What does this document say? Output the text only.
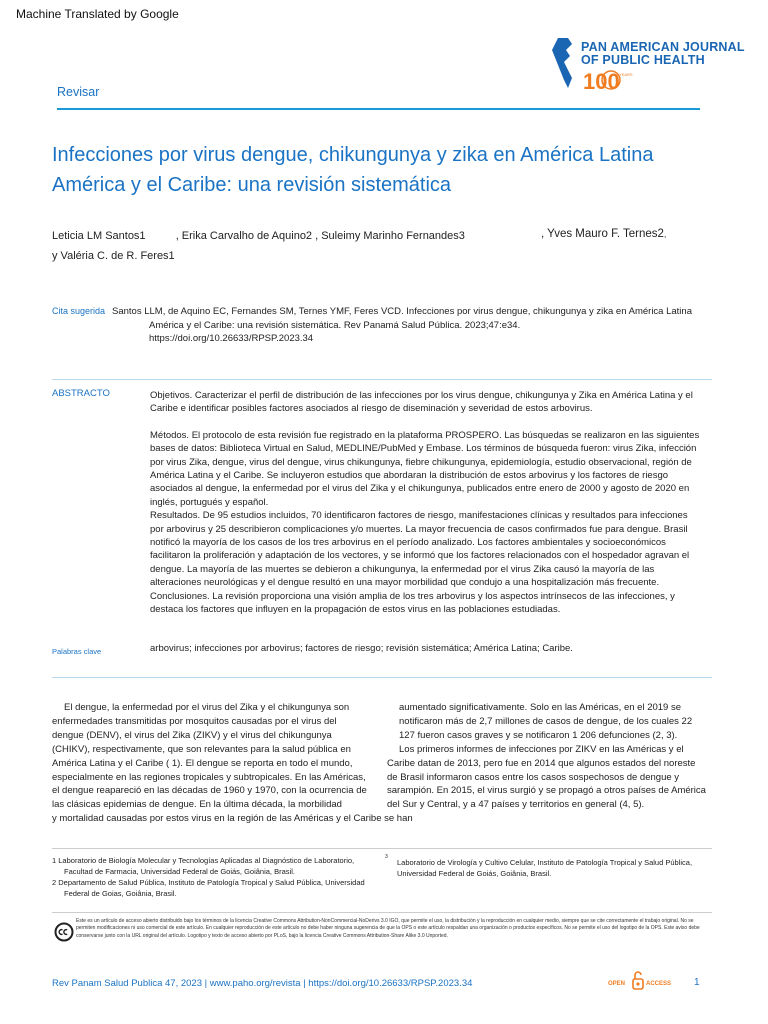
Machine Translated by Google
100 YEARS
PAN AMERICAN JOURNAL
OF PUBLIC HEALTH
Revisar
Infecciones por virus dengue, chikungunya y zika en América Latina América y el Caribe: una revisión sistemática
Leticia LM Santos1	, Erika Carvalho de Aquino2 , Suleimy Marinho Fernandes3	, Yves Mauro F. Ternes2,
y Valéria C. de R. Feres1
Cita sugerida Santos LLM, de Aquino EC, Fernandes SM, Ternes YMF, Feres VCD. Infecciones por virus dengue, chikungunya y zika en América Latina
América y el Caribe: una revisión sistemática. Rev Panamá Salud Pública. 2023;47:e34.
https://doi.org/10.26633/RPSP.2023.34
ABSTRACTO	Objetivos. Caracterizar el perfil de distribución de las infecciones por los virus dengue, chikungunya y Zika en América Latina y el Caribe e identificar posibles factores asociados al riesgo de diseminación y severidad de estos arbovirus.

Métodos. El protocolo de esta revisión fue registrado en la plataforma PROSPERO. Las búsquedas se realizaron en las siguientes bases de datos: Biblioteca Virtual en Salud, MEDLINE/PubMed y Embase. Los términos de búsqueda fueron: virus Zika, infección por virus Zika, dengue, virus del dengue, virus chikungunya, fiebre chikungunya, epidemiología, estudio observacional, región de América Latina y el Caribe. Se incluyeron estudios que abordaran la distribución de estos arbovirus y los factores de riesgo asociados al dengue, la enfermedad por el virus del Zika y el chikungunya, publicados entre enero de 2000 y agosto de 2020 en inglés, portugués y español.

Resultados. De 95 estudios incluidos, 70 identificaron factores de riesgo, manifestaciones clínicas y resultados para infecciones por arbovirus y 25 describieron complicaciones y/o muertes. La mayor frecuencia de casos confirmados fue para dengue. Brasil notificó la mayoría de los casos de los tres arbovirus en el período analizado. Los factores ambientales y socioeconómicos facilitaron la proliferación y adaptación de los vectores, y se informó que los factores relacionados con el hospedador agravan el dengue. La mayoría de las muertes se debieron a chikungunya, la enfermedad por el virus Zika causó la mayoría de las alteraciones neurológicas y el dengue resultó en una mayor morbilidad que condujo a una hospitalización más frecuente.

Conclusiones. La revisión proporciona una visión amplia de los tres arbovirus y los aspectos intrínsecos de las infecciones, y destaca los factores que influyen en la propagación de estos virus en las poblaciones estudiadas.

Palabras clave	arbovirus; infecciones por arbovirus; factores de riesgo; revisión sistemática; América Latina; Caribe.

El dengue, la enfermedad por el virus del Zika y el chikungunya son enfermedades transmitidas por mosquitos causadas por el virus del dengue (DENV), el virus del Zika (ZIKV) y el virus del chikungunya (CHIKV), respectivamente, que son relevantes para la salud pública en América Latina y el Caribe ( 1). El dengue se reporta en todo el mundo, especialmente en las regiones tropicales y subtropicales. En las Américas, el dengue reapareció en las décadas de 1960 y 1970, con la ocurrencia de las clásicas epidemias de dengue. En la última década, la morbilidad

y mortalidad causadas por estos virus en la región de las Américas y el Caribe se han

aumentado significativamente. Solo en las Américas, en el 2019 se notificaron más de 2,7 millones de casos de dengue, de los cuales 22 127 fueron casos graves y se notificaron 1 206 defunciones (2, 3).

Los primeros informes de infecciones por ZIKV en las Américas y el Caribe datan de 2013, pero fue en 2014 que algunos estados del noreste de Brasil informaron casos entre los casos sospechosos de dengue y sarampión. En 2015, el virus surgió y se propagó a otros países de América del Sur y Central, y a 47 países y territorios en general (4, 5).

1 Laboratorio de Biología Molecular y Tecnologías Aplicadas al Diagnóstico de Laboratorio, Facultad de Farmacia, Universidad Federal de Goiás, Goiânia, Brasil.
2 Departamento de Salud Pública, Instituto de Patología Tropical y Salud Pública, Universidad Federal de Goias, Goiânia, Brasil.
$^3$
Laboratorio de Virología y Cultivo Celular, Instituto de Patología Tropical y Salud Pública, Universidad Federal de Goiás, Goiânia, Brasil.
Este es un artículo de acceso abierto distribuido bajo los términos de la licencia Creative Commons Attribution-NonCommercial-NoDerivs 3.0 IGO, que permite el uso, la distribución y la reproducción en cualquier medio, siempre que se cite correctamente el trabajo original. No se permiten modificaciones ni uso comercial de este artículo. En cualquier reproducción de este artículo no debe haber ninguna sugerencia de que la OPS o este artículo respaldan una organización o productos específicos. No se permite el uso del logotipo de la OPS. Este aviso debe conservarse junto con la URL original del artículo. Logotipo y texto de acceso abierto por PLoS, bajo la licencia Creative Commons Attribution-Share Alike 3.0 Unported.
Rev Panam Salud Publica 47, 2023 | www.paho.org/revista | https://doi.org/10.26633/RPSP.2023.34	OPEN	ACCESS 1
